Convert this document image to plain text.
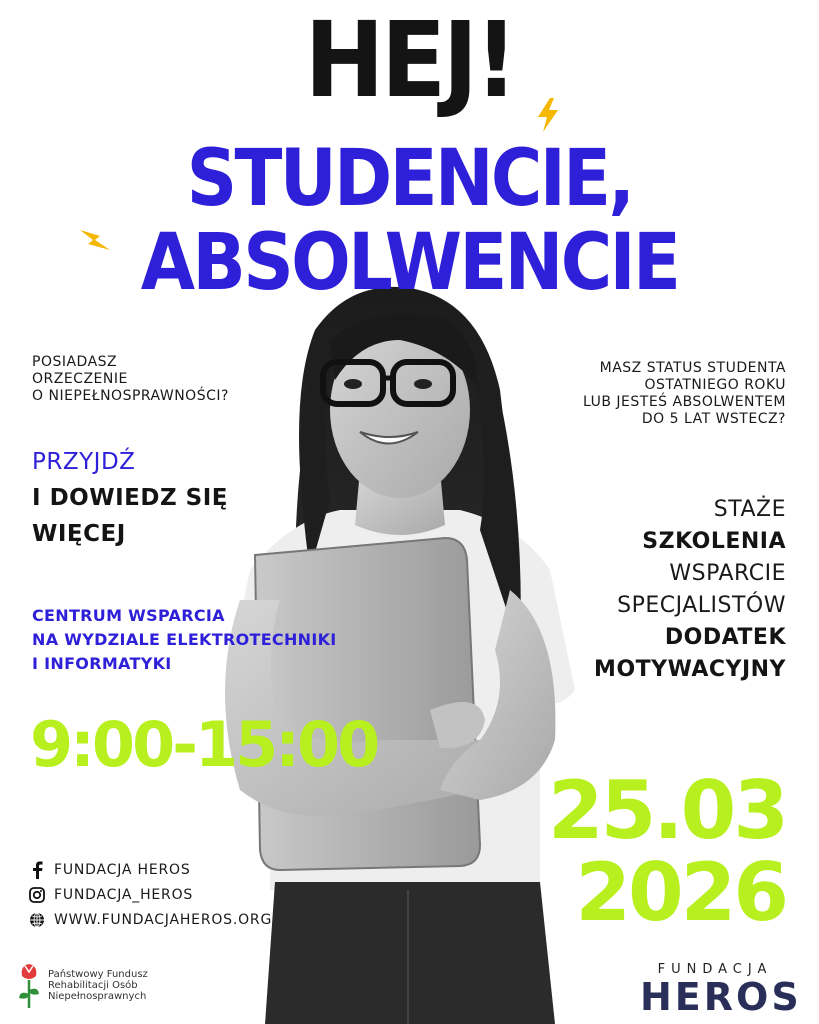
HEJ!
STUDENCIE,
ABSOLWENCIE
POSIADASZ
ORZECZENIE
O NIEPEŁNOSPRAWNOŚCI?
MASZ STATUS STUDENTA
OSTATNIEGO ROKU
LUB JESTEŚ ABSOLWENTEM
DO 5 LAT WSTECZ?
PRZYJDŹ
I DOWIEDZ SIĘ
WIĘCEJ
STAŻE
SZKOLENIA
WSPARCIE
SPECJALISTÓW
DODATEK
MOTYWACYJNY
CENTRUM WSPARCIA
NA WYDZIALE ELEKTROTECHNIKI
I INFORMATYKI
9:00-15:00
25.03
2026
FUNDACJA HEROS
FUNDACJA_HEROS
WWW.FUNDACJAHEROS.ORG
Państwowy Fundusz
Rehabilitacji Osób
Niepełnosprawnych
FUNDACJA
HEROS
